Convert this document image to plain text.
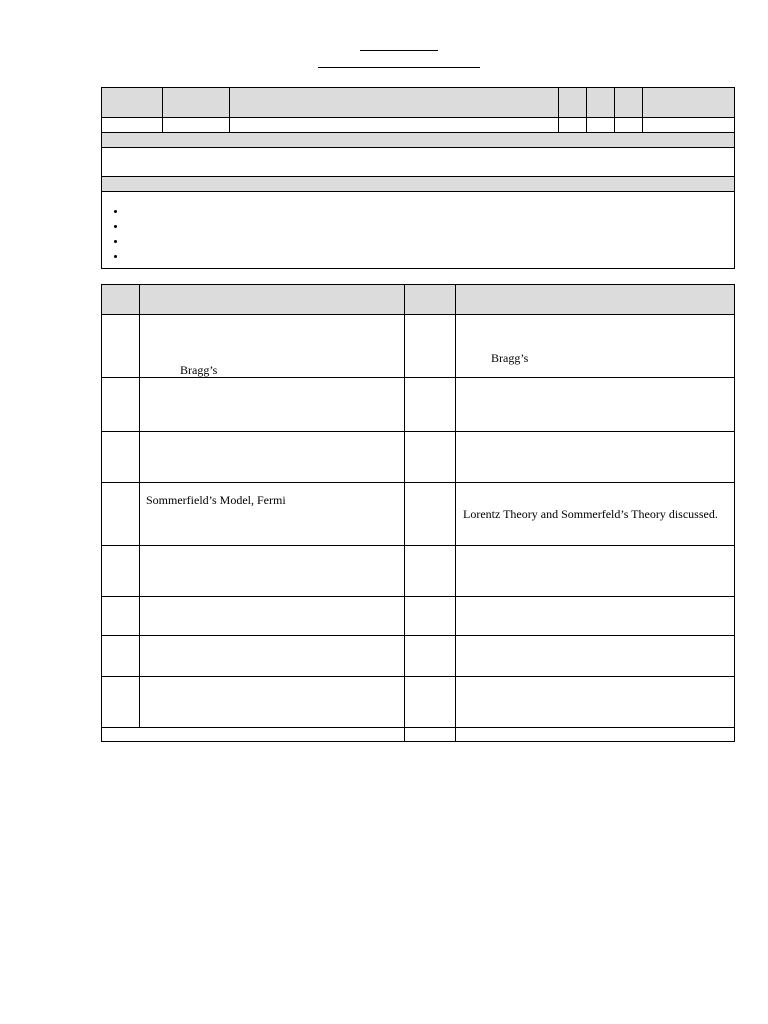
•
•
•
•

	Bragg’s		Bragg’s

	Sommerfield’s Model, Fermi		Lorentz Theory and Sommerfeld’s Theory discussed.
